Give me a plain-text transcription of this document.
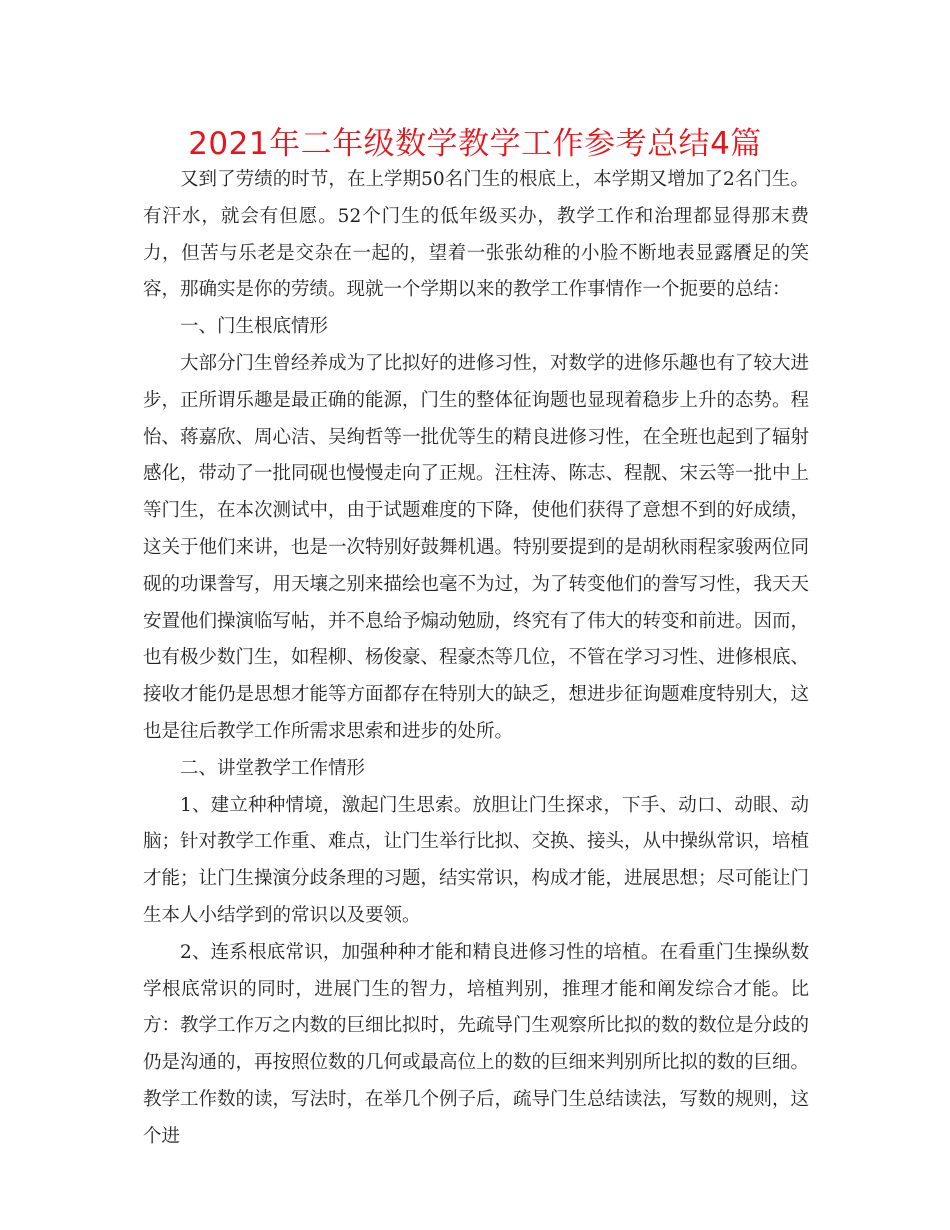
2021年二年级数学教学工作参考总结4篇

又到了劳绩的时节，在上学期50名门生的根底上，本学期又增加了2名门生。有汗水，就会有但愿。52个门生的低年级买办，教学工作和治理都显得那末费力，但苦与乐老是交杂在一起的，望着一张张幼稚的小脸不断地表显露餍足的笑容，那确实是你的劳绩。现就一个学期以来的教学工作事情作一个扼要的总结：

一、门生根底情形

大部分门生曾经养成为了比拟好的进修习性，对数学的进修乐趣也有了较大进步，正所谓乐趣是最正确的能源，门生的整体征询题也显现着稳步上升的态势。程怡、蒋嘉欣、周心洁、吴绚哲等一批优等生的精良进修习性，在全班也起到了辐射感化，带动了一批同砚也慢慢走向了正规。汪柱涛、陈志、程靓、宋云等一批中上等门生，在本次测试中，由于试题难度的下降，使他们获得了意想不到的好成绩，这关于他们来讲，也是一次特别好鼓舞机遇。特别要提到的是胡秋雨程家骏两位同砚的功课誊写，用天壤之别来描绘也毫不为过，为了转变他们的誊写习性，我天天安置他们操演临写帖，并不息给予煽动勉励，终究有了伟大的转变和前进。因而，也有极少数门生，如程柳、杨俊豪、程豪杰等几位，不管在学习习性、进修根底、接收才能仍是思想才能等方面都存在特别大的缺乏，想进步征询题难度特别大，这也是往后教学工作所需求思索和进步的处所。

二、讲堂教学工作情形

1、建立种种情境，激起门生思索。放胆让门生探求，下手、动口、动眼、动脑；针对教学工作重、难点，让门生举行比拟、交换、接头，从中操纵常识，培植才能；让门生操演分歧条理的习题，结实常识，构成才能，进展思想；尽可能让门生本人小结学到的常识以及要领。

2、连系根底常识，加强种种才能和精良进修习性的培植。在看重门生操纵数学根底常识的同时，进展门生的智力，培植判别，推理才能和阐发综合才能。比方：教学工作万之内数的巨细比拟时，先疏导门生观察所比拟的数的数位是分歧的仍是沟通的，再按照位数的几何或最高位上的数的巨细来判别所比拟的数的巨细。教学工作数的读，写法时，在举几个例子后，疏导门生总结读法，写数的规则，这个进
